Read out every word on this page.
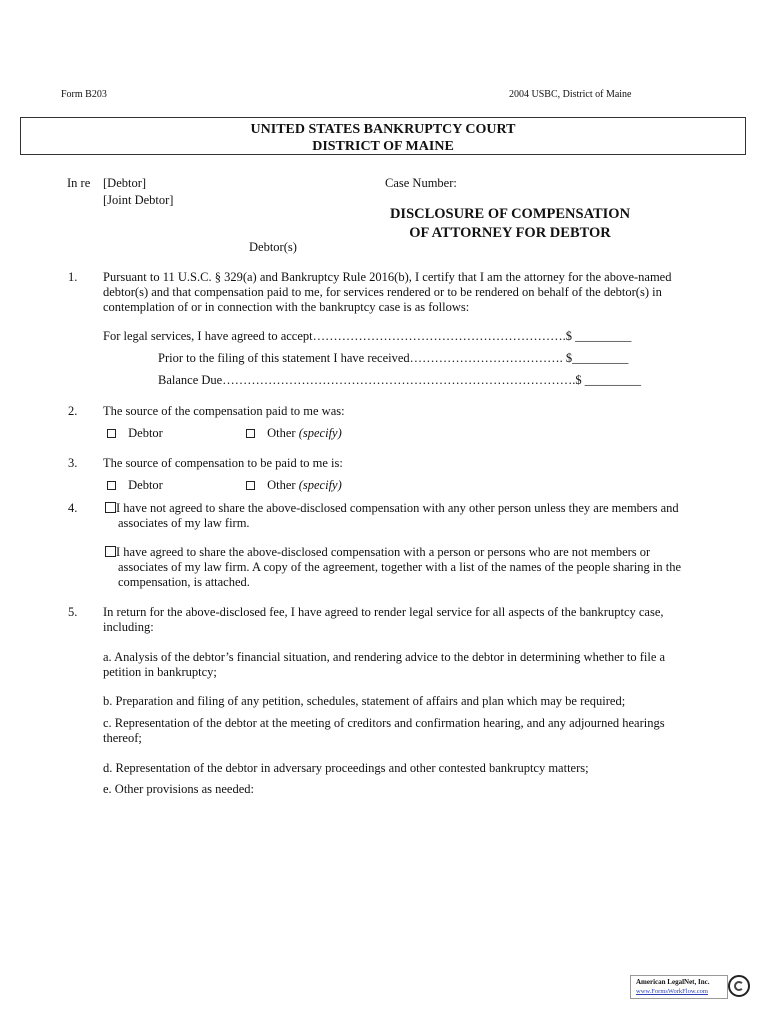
Form B203	2004 USBC, District of Maine
UNITED STATES BANKRUPTCY COURT
DISTRICT OF MAINE
In re [Debtor]
[Joint Debtor]
Debtor(s)
Case Number:
DISCLOSURE OF COMPENSATION
OF ATTORNEY FOR DEBTOR
1. Pursuant to 11 U.S.C. § 329(a) and Bankruptcy Rule 2016(b), I certify that I am the attorney for the above-named
debtor(s) and that compensation paid to me, for services rendered or to be rendered on behalf of the debtor(s) in
contemplation of or in connection with the bankruptcy case is as follows:
For legal services, I have agreed to accept…………………………………………………….$ _________
Prior to the filing of this statement I have received………………………………. $_________
Balance Due………………………………………………………………………….$ _________
2. The source of the compensation paid to me was:
Debtor	Other (specify)
3. The source of compensation to be paid to me is:
Debtor	Other (specify)
4.	I have not agreed to share the above-disclosed compensation with any other person unless they are members and
associates of my law firm.
I have agreed to share the above-disclosed compensation with a person or persons who are not members or
associates of my law firm. A copy of the agreement, together with a list of the names of the people sharing in the
compensation, is attached.
5. In return for the above-disclosed fee, I have agreed to render legal service for all aspects of the bankruptcy case,
including:
a. Analysis of the debtor’s financial situation, and rendering advice to the debtor in determining whether to file a
petition in bankruptcy;
b. Preparation and filing of any petition, schedules, statement of affairs and plan which may be required;
c. Representation of the debtor at the meeting of creditors and confirmation hearing, and any adjourned hearings
thereof;
d. Representation of the debtor in adversary proceedings and other contested bankruptcy matters;
e. Other provisions as needed:
American LegalNet, Inc.
www.FormsWorkFlow.com
